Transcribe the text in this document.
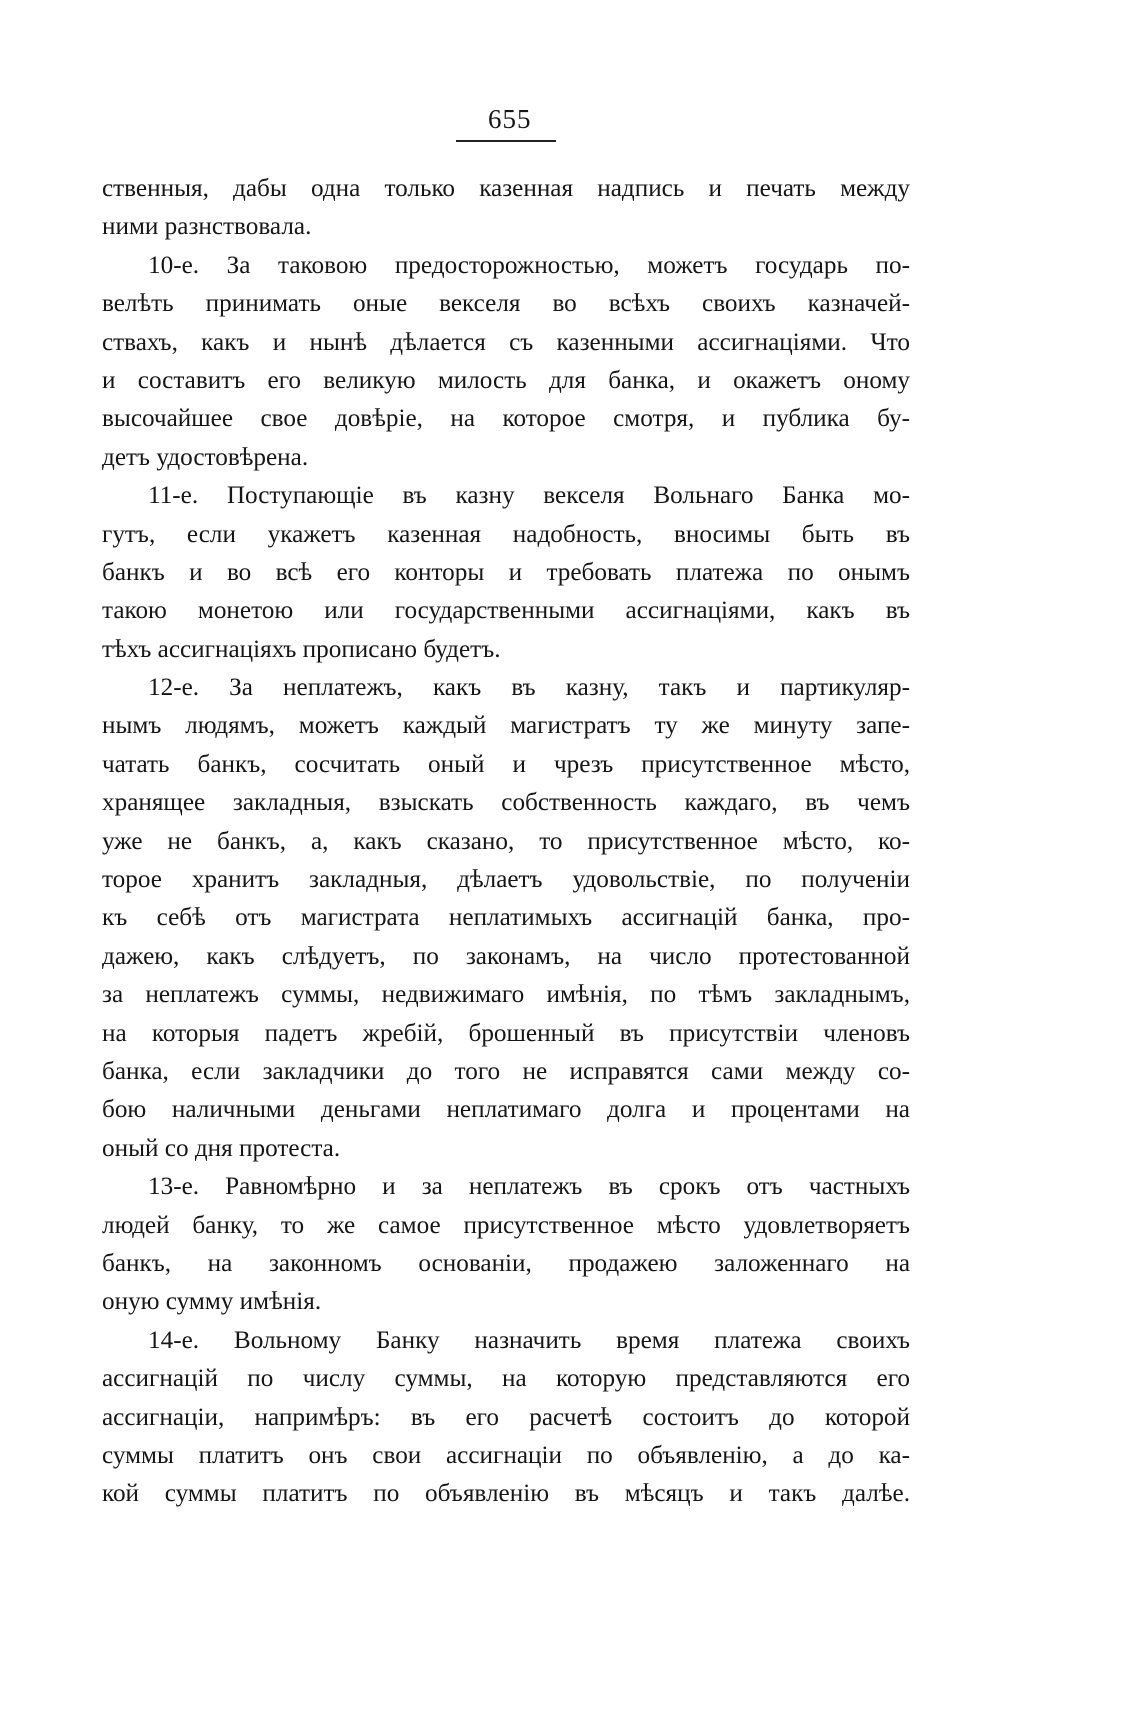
655
ственныя, дабы одна только казенная надпись и печать между
ними разнствовала.
10-е. За таковою предосторожностью, можетъ государь по-
велѣть принимать оные векселя во всѣхъ своихъ казначей-
ствахъ, какъ и нынѣ дѣлается съ казенными ассигнаціями. Что
и составитъ его великую милость для банка, и окажетъ оному
высочайшее свое довѣріе, на которое смотря, и публика бу-
детъ удостовѣрена.
11-е. Поступающіе въ казну векселя Вольнаго Банка мо-
гутъ, если укажетъ казенная надобность, вносимы быть въ
банкъ и во всѣ его конторы и требовать платежа по онымъ
такою монетою или государственными ассигнаціями, какъ въ
тѣхъ ассигнаціяхъ прописано будетъ.
12-е. За неплатежъ, какъ въ казну, такъ и партикуляр-
нымъ людямъ, можетъ каждый магистратъ ту же минуту запе-
чатать банкъ, сосчитать оный и чрезъ присутственное мѣсто,
хранящее закладныя, взыскать собственность каждаго, въ чемъ
уже не банкъ, а, какъ сказано, то присутственное мѣсто, ко-
торое хранитъ закладныя, дѣлаетъ удовольствіе, по полученіи
къ себѣ отъ магистрата неплатимыхъ ассигнацій банка, про-
дажею, какъ слѣдуетъ, по законамъ, на число протестованной
за неплатежъ суммы, недвижимаго имѣнія, по тѣмъ закладнымъ,
на которыя падетъ жребій, брошенный въ присутствіи членовъ
банка, если закладчики до того не исправятся сами между со-
бою наличными деньгами неплатимаго долга и процентами на
оный со дня протеста.
13-е. Равномѣрно и за неплатежъ въ срокъ отъ частныхъ
людей банку, то же самое присутственное мѣсто удовлетворяетъ
банкъ, на законномъ основаніи, продажею заложеннаго на
оную сумму имѣнія.
14-е. Вольному Банку назначить время платежа своихъ
ассигнацій по числу суммы, на которую представляются его
ассигнаціи, напримѣръ: въ его расчетѣ состоитъ до которой
суммы платитъ онъ свои ассигнаціи по объявленію, а до ка-
кой суммы платитъ по объявленію въ мѣсяцъ и такъ далѣе.
